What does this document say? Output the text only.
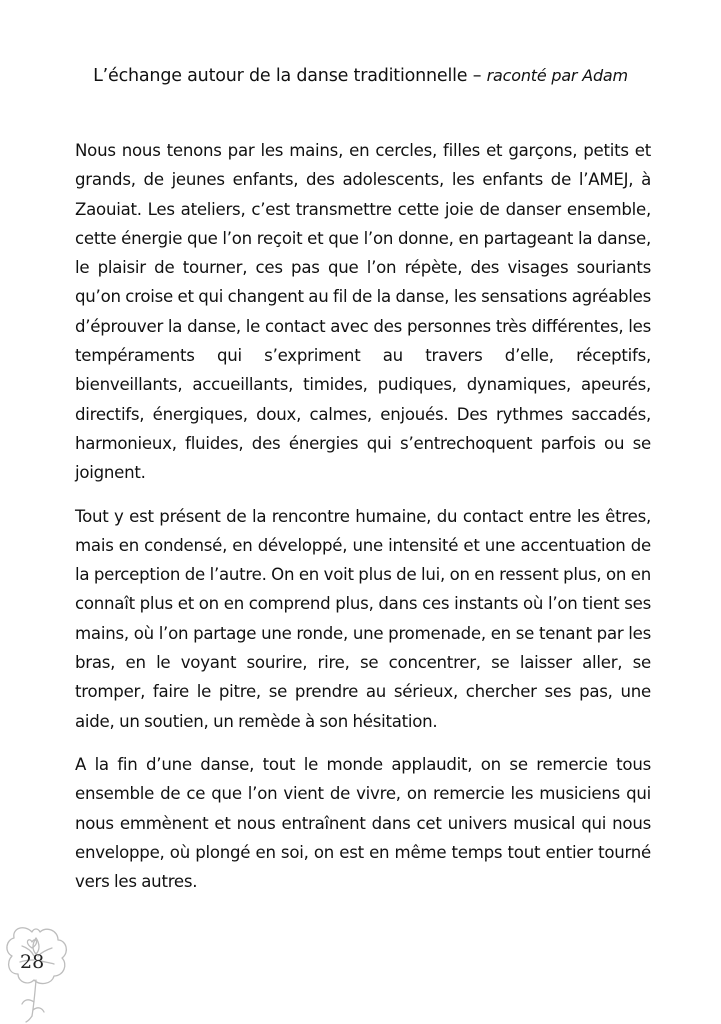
L’échange autour de la danse traditionnelle – raconté par Adam

Nous nous tenons par les mains, en cercles, filles et garçons, petits et grands, de jeunes enfants, des adolescents, les enfants de l’AMEJ, à Zaouiat. Les ateliers, c’est transmettre cette joie de danser ensemble, cette énergie que l’on reçoit et que l’on donne, en partageant la danse, le plaisir de tourner, ces pas que l’on répète, des visages souriants qu’on croise et qui changent au fil de la danse, les sensations agréables d’éprouver la danse, le contact avec des personnes très différentes, les tempéraments qui s’expriment au travers d’elle, réceptifs, bienveillants, accueillants, timides, pudiques, dynamiques, apeurés, directifs, énergiques, doux, calmes, enjoués. Des rythmes saccadés, harmonieux, fluides, des énergies qui s’entrechoquent parfois ou se joignent.

Tout y est présent de la rencontre humaine, du contact entre les êtres, mais en condensé, en développé, une intensité et une accentuation de la perception de l’autre. On en voit plus de lui, on en ressent plus, on en connaît plus et on en comprend plus, dans ces instants où l’on tient ses mains, où l’on partage une ronde, une promenade, en se tenant par les bras, en le voyant sourire, rire, se concentrer, se laisser aller, se tromper, faire le pitre, se prendre au sérieux, chercher ses pas, une aide, un soutien, un remède à son hésitation.

A la fin d’une danse, tout le monde applaudit, on se remercie tous ensemble de ce que l’on vient de vivre, on remercie les musiciens qui nous emmènent et nous entraînent dans cet univers musical qui nous enveloppe, où plongé en soi, on est en même temps tout entier tourné vers les autres.

28
